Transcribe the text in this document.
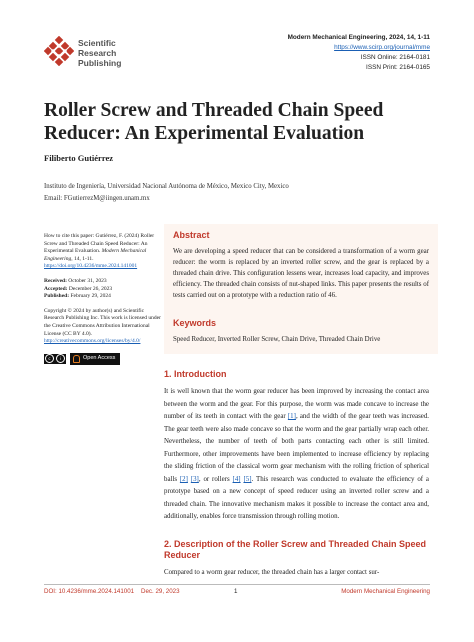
Scientific
Research
Publishing
Modern Mechanical Engineering, 2024, 14, 1-11
https://www.scirp.org/journal/mme
ISSN Online: 2164-0181
ISSN Print: 2164-0165
Roller Screw and Threaded Chain Speed Reducer: An Experimental Evaluation
Filiberto Gutiérrez
Instituto de Ingeniería, Universidad Nacional Autónoma de México, Mexico City, Mexico
Email: FGutierrezM@iingen.unam.mx

How to cite this paper: Gutiérrez, F. (2024) Roller Screw and Threaded Chain Speed Reducer: An Experimental Evaluation. Modern Mechanical Engineering, 14, 1-11.
https://doi.org/10.4236/mme.2024.141001

Received: October 31, 2023
Accepted: December 26, 2023
Published: February 29, 2024

Copyright © 2024 by author(s) and Scientific Research Publishing Inc. This work is licensed under the Creative Commons Attribution International License (CC BY 4.0).
http://creativecommons.org/licenses/by/4.0/

c	i	Open Access
Abstract
We are developing a speed reducer that can be considered a transformation of a worm gear reducer: the worm is replaced by an inverted roller screw, and the gear is replaced by a threaded chain drive. This configuration lessens wear, increases load capacity, and improves efficiency. The threaded chain consists of nut-shaped links. This paper presents the results of tests carried out on a prototype with a reduction ratio of 46.
Keywords
Speed Reducer, Inverted Roller Screw, Chain Drive, Threaded Chain Drive
1. Introduction
It is well known that the worm gear reducer has been improved by increasing the contact area between the worm and the gear. For this purpose, the worm was made concave to increase the number of its teeth in contact with the gear [1], and the width of the gear teeth was increased. The gear teeth were also made concave so that the worm and the gear partially wrap each other. Nevertheless, the number of teeth of both parts contacting each other is still limited. Furthermore, other improvements have been implemented to increase efficiency by replacing the sliding friction of the classical worm gear mechanism with the rolling friction of spherical balls [2] [3], or rollers [4] [5]. This research was conducted to evaluate the efficiency of a prototype based on a new concept of speed reducer using an inverted roller screw and a threaded chain. The innovative mechanism makes it possible to increase the contact area and, additionally, enables force transmission through rolling motion.
2. Description of the Roller Screw and Threaded Chain Speed Reducer
Compared to a worm gear reducer, the threaded chain has a larger contact sur-
DOI: 10.4236/mme.2024.141001 Dec. 29, 2023	1	Modern Mechanical Engineering
